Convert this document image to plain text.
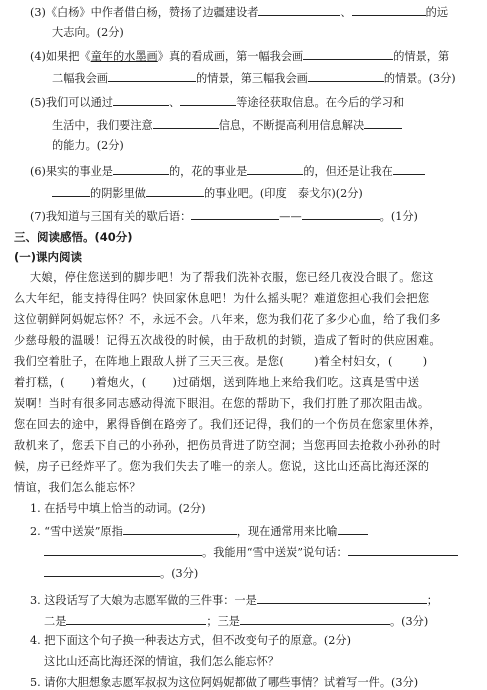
(3)《白杨》中作者借白杨，赞扬了边疆建设者	、	的远
大志向。(2分)
(4)如果把《童年的水墨画》真的看成画，第一幅我会画	的情景，第
二幅我会画	的情景，第三幅我会画	的情景。(3分)
(5)我们可以通过	、	等途径获取信息。在今后的学习和
生活中，我们要注意	信息，不断提高利用信息解决
的能力。(2分)
(6)果实的事业是	的，花的事业是	的，但还是让我在
的阴影里做	的事业吧。(印度　泰戈尔)(2分)
(7)我知道与三国有关的歇后语：	——	。(1分)
三、阅读感悟。(40分)
(一)课内阅读
大娘，停住您送到的脚步吧！为了帮我们洗补衣服，您已经几夜没合眼了。您这
么大年纪，能支持得住吗？快回家休息吧！为什么摇头呢？难道您担心我们会把您
这位朝鲜阿妈妮忘怀？不，永远不会。八年来，您为我们花了多少心血，给了我们多
少慈母般的温暖！记得五次战役的时候，由于敌机的封锁，造成了暂时的供应困难。
我们空着肚子，在阵地上跟敌人拼了三天三夜。是您(	)着全村妇女，(	)
着打糕，( )着炮火，( )过硝烟，送到阵地上来给我们吃。这真是雪中送
炭啊！当时有很多同志感动得流下眼泪。在您的帮助下，我们打胜了那次阻击战。
您在回去的途中，累得昏倒在路旁了。我们还记得，我们的一个伤员在您家里休养，
敌机来了，您丢下自己的小孙孙，把伤员背进了防空洞；当您再回去抢救小孙孙的时
候，房子已经炸平了。您为我们失去了唯一的亲人。您说，这比山还高比海还深的
情谊，我们怎么能忘怀？
1. 在括号中填上恰当的动词。(2分)
2. “雪中送炭”原指	，现在通常用来比喻
。我能用“雪中送炭”说句话：
。(3分)
3. 这段话写了大娘为志愿军做的三件事：一是	；
二是	；三是	。(3分)
4. 把下面这个句子换一种表达方式，但不改变句子的原意。(2分)
这比山还高比海还深的情谊，我们怎么能忘怀？
5. 请你大胆想象志愿军叔叔为这位阿妈妮都做了哪些事情？试着写一件。(3分)
